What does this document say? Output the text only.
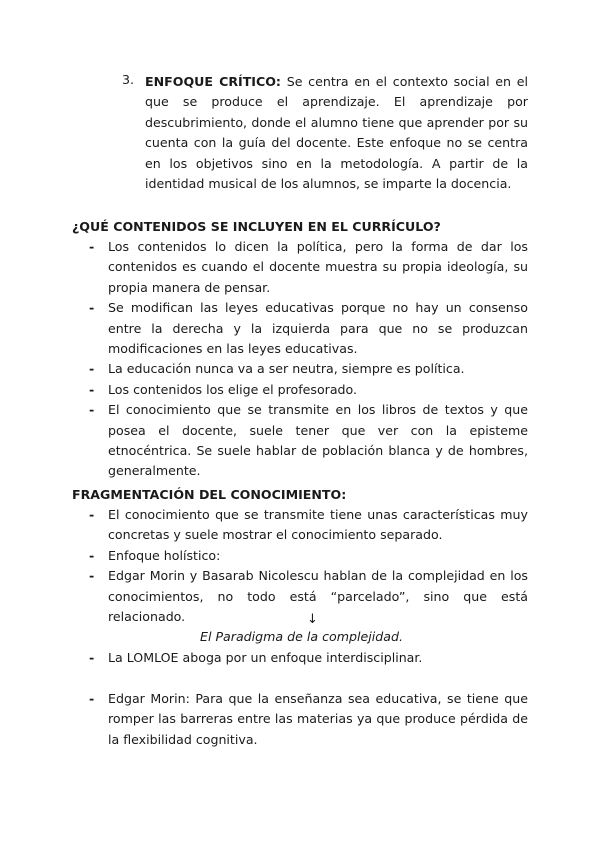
3. ENFOQUE CRÍTICO: Se centra en el contexto social en el que se produce el aprendizaje. El aprendizaje por descubrimiento, donde el alumno tiene que aprender por su cuenta con la guía del docente. Este enfoque no se centra en los objetivos sino en la metodología. A partir de la identidad musical de los alumnos, se imparte la docencia.
¿QUÉ CONTENIDOS SE INCLUYEN EN EL CURRÍCULO?
- Los contenidos lo dicen la política, pero la forma de dar los contenidos es cuando el docente muestra su propia ideología, su propia manera de pensar.
- Se modifican las leyes educativas porque no hay un consenso entre la derecha y la izquierda para que no se produzcan modificaciones en las leyes educativas.
- La educación nunca va a ser neutra, siempre es política.
- Los contenidos los elige el profesorado.
- El conocimiento que se transmite en los libros de textos y que posea el docente, suele tener que ver con la episteme etnocéntrica. Se suele hablar de población blanca y de hombres, generalmente.
FRAGMENTACIÓN DEL CONOCIMIENTO:
- El conocimiento que se transmite tiene unas características muy concretas y suele mostrar el conocimiento separado.
- Enfoque holístico:
- Edgar Morin y Basarab Nicolescu hablan de la complejidad en los conocimientos, no todo está “parcelado”, sino que está relacionado.	↓
El Paradigma de la complejidad.
- La LOMLOE aboga por un enfoque interdisciplinar.
- Edgar Morin: Para que la enseñanza sea educativa, se tiene que romper las barreras entre las materias ya que produce pérdida de la flexibilidad cognitiva.
